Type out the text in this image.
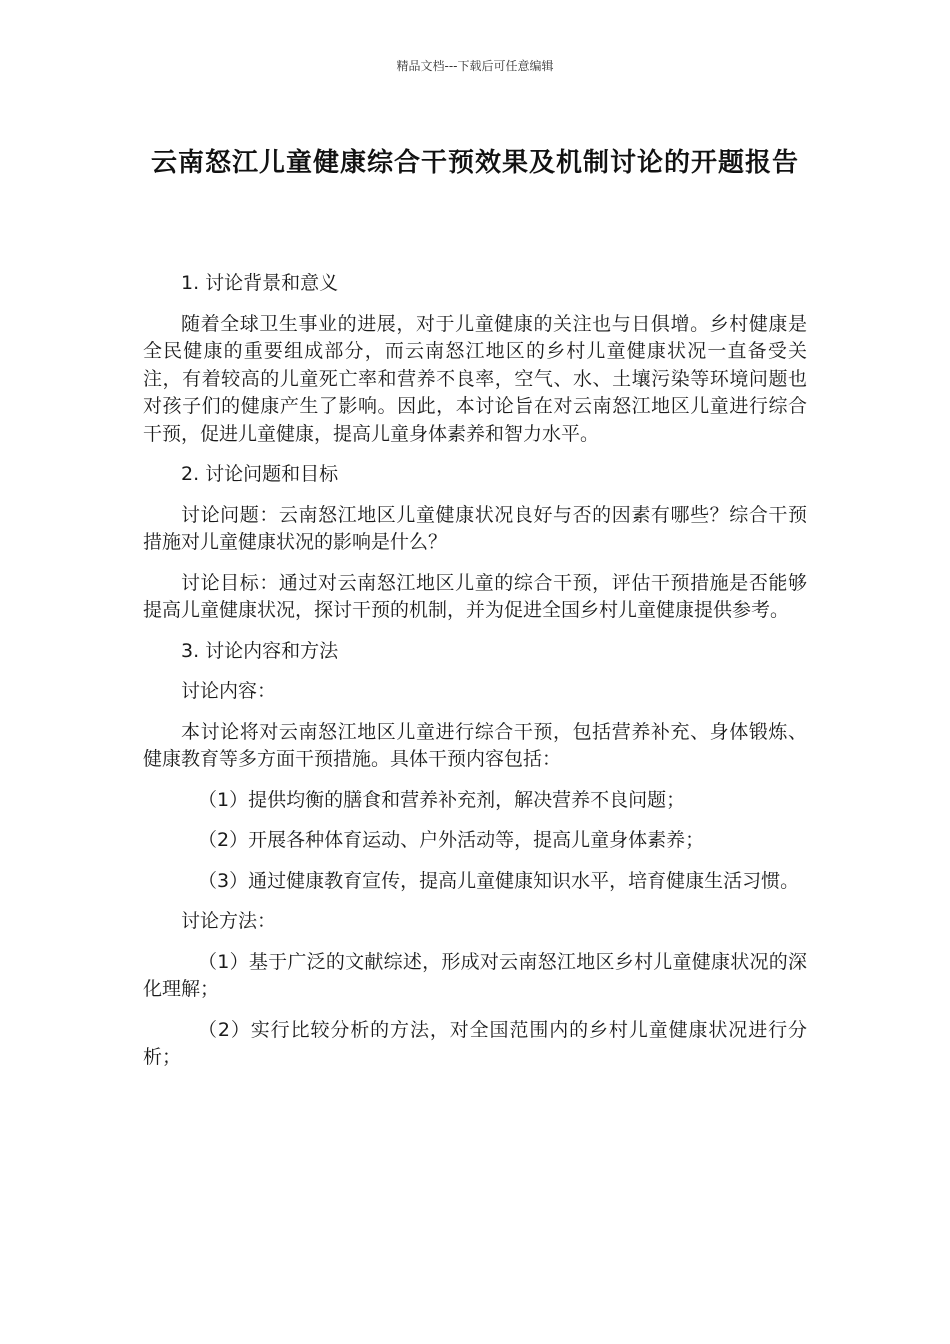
精品文档---下载后可任意编辑
云南怒江儿童健康综合干预效果及机制讨论的开题报告

1. 讨论背景和意义

随着全球卫生事业的进展，对于儿童健康的关注也与日俱增。乡村健康是全民健康的重要组成部分，而云南怒江地区的乡村儿童健康状况一直备受关注，有着较高的儿童死亡率和营养不良率，空气、水、土壤污染等环境问题也对孩子们的健康产生了影响。因此，本讨论旨在对云南怒江地区儿童进行综合干预，促进儿童健康，提高儿童身体素养和智力水平。

2. 讨论问题和目标

讨论问题：云南怒江地区儿童健康状况良好与否的因素有哪些？综合干预措施对儿童健康状况的影响是什么？

讨论目标：通过对云南怒江地区儿童的综合干预，评估干预措施是否能够提高儿童健康状况，探讨干预的机制，并为促进全国乡村儿童健康提供参考。

3. 讨论内容和方法

讨论内容：

本讨论将对云南怒江地区儿童进行综合干预，包括营养补充、身体锻炼、健康教育等多方面干预措施。具体干预内容包括：

（1）提供均衡的膳食和营养补充剂，解决营养不良问题；

（2）开展各种体育运动、户外活动等，提高儿童身体素养；

（3）通过健康教育宣传，提高儿童健康知识水平，培育健康生活习惯。

讨论方法：

（1）基于广泛的文献综述，形成对云南怒江地区乡村儿童健康状况的深化理解；

（2）实行比较分析的方法，对全国范围内的乡村儿童健康状况进行分析；
